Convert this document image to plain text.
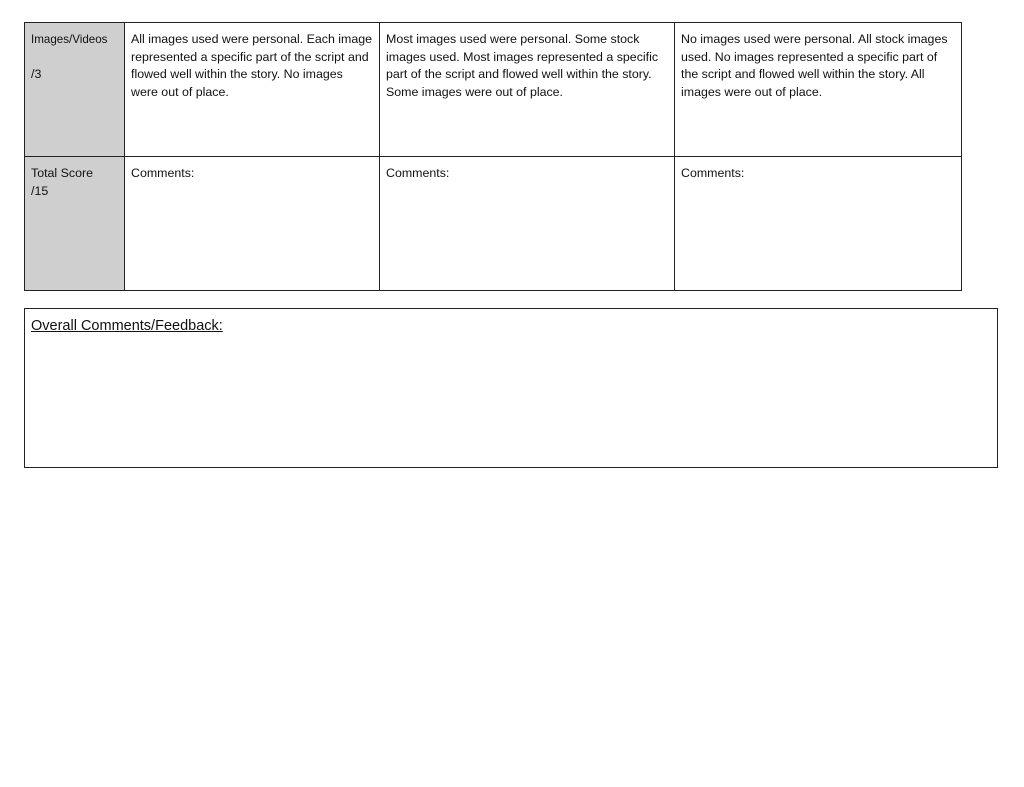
Images/Videos
/3	All images used were personal. Each image represented a specific part of the script and flowed well within the story. No images were out of place.	Most images used were personal. Some stock images used. Most images represented a specific part of the script and flowed well within the story. Some images were out of place.	No images used were personal. All stock images used. No images represented a specific part of the script and flowed well within the story. All images were out of place.

Total Score
/15	Comments:	Comments:	Comments:
Overall Comments/Feedback:
